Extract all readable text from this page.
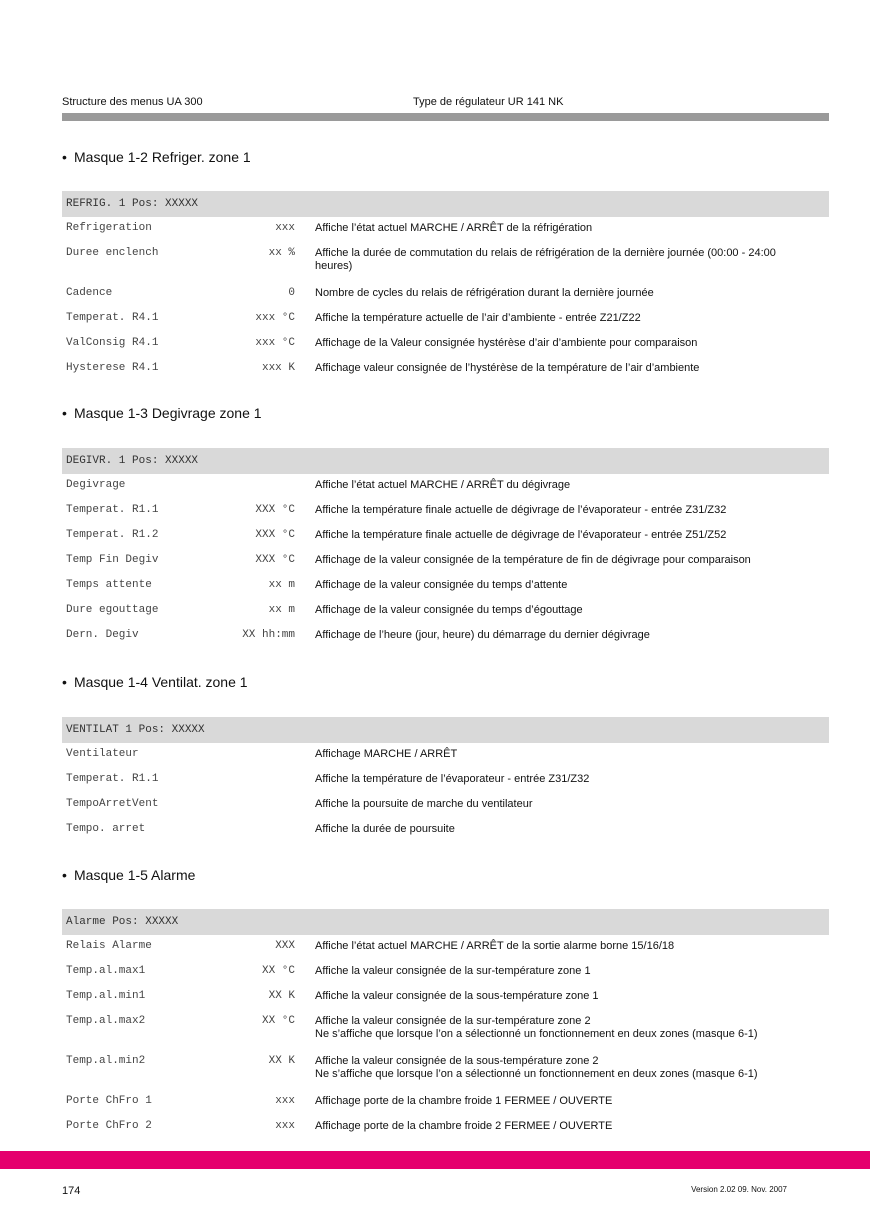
Structure des menus UA 300	Type de régulateur UR 141 NK
• Masque 1-2 Refriger. zone 1
REFRIG. 1 Pos: XXXXX
Refrigeration	xxx Affiche l’état actuel MARCHE / ARRÊT de la réfrigération
Duree enclench	xx % Affiche la durée de commutation du relais de réfrigération de la dernière journée (00:00 - 24:00 heures)
Cadence	0 Nombre de cycles du relais de réfrigération durant la dernière journée
Temperat. R4.1	xxx °C Affiche la température actuelle de l’air d’ambiente - entrée Z21/Z22
ValConsig R4.1	xxx °C Affichage de la Valeur consignée hystérèse d’air d’ambiente pour comparaison
Hysterese R4.1	xxx K Affichage valeur consignée de l’hystérèse de la température de l’air d’ambiente
• Masque 1-3 Degivrage zone 1
DEGIVR. 1 Pos: XXXXX
Degivrage	Affiche l’état actuel MARCHE / ARRÊT du dégivrage
Temperat. R1.1	XXX °C Affiche la température finale actuelle de dégivrage de l’évaporateur - entrée Z31/Z32
Temperat. R1.2	XXX °C Affiche la température finale actuelle de dégivrage de l’évaporateur - entrée Z51/Z52
Temp Fin Degiv	XXX °C Affichage de la valeur consignée de la température de fin de dégivrage pour comparaison
Temps attente	xx m Affichage de la valeur consignée du temps d’attente
Dure egouttage	xx m Affichage de la valeur consignée du temps d’égouttage
Dern. Degiv	XX hh:mm Affichage de l’heure (jour, heure) du démarrage du dernier dégivrage
• Masque 1-4 Ventilat. zone 1
VENTILAT 1 Pos: XXXXX
Ventilateur	Affichage MARCHE / ARRÊT
Temperat. R1.1	Affiche la température de l’évaporateur - entrée Z31/Z32
TempoArretVent	Affiche la poursuite de marche du ventilateur
Tempo. arret	Affiche la durée de poursuite
• Masque 1-5 Alarme
Alarme Pos: XXXXX
Relais Alarme	XXX Affiche l’état actuel MARCHE / ARRÊT de la sortie alarme borne 15/16/18
Temp.al.max1	XX °C Affiche la valeur consignée de la sur-température zone 1
Temp.al.min1	XX K Affiche la valeur consignée de la sous-température zone 1
Temp.al.max2	XX °C Affiche la valeur consignée de la sur-température zone 2
Ne s’affiche que lorsque l’on a sélectionné un fonctionnement en deux zones (masque 6-1)
Temp.al.min2	XX K Affiche la valeur consignée de la sous-température zone 2
Ne s’affiche que lorsque l’on a sélectionné un fonctionnement en deux zones (masque 6-1)
Porte ChFro 1	xxx Affichage porte de la chambre froide 1 FERMEE / OUVERTE
Porte ChFro 2	xxx Affichage porte de la chambre froide 2 FERMEE / OUVERTE
174	Version 2.02 09. Nov. 2007
